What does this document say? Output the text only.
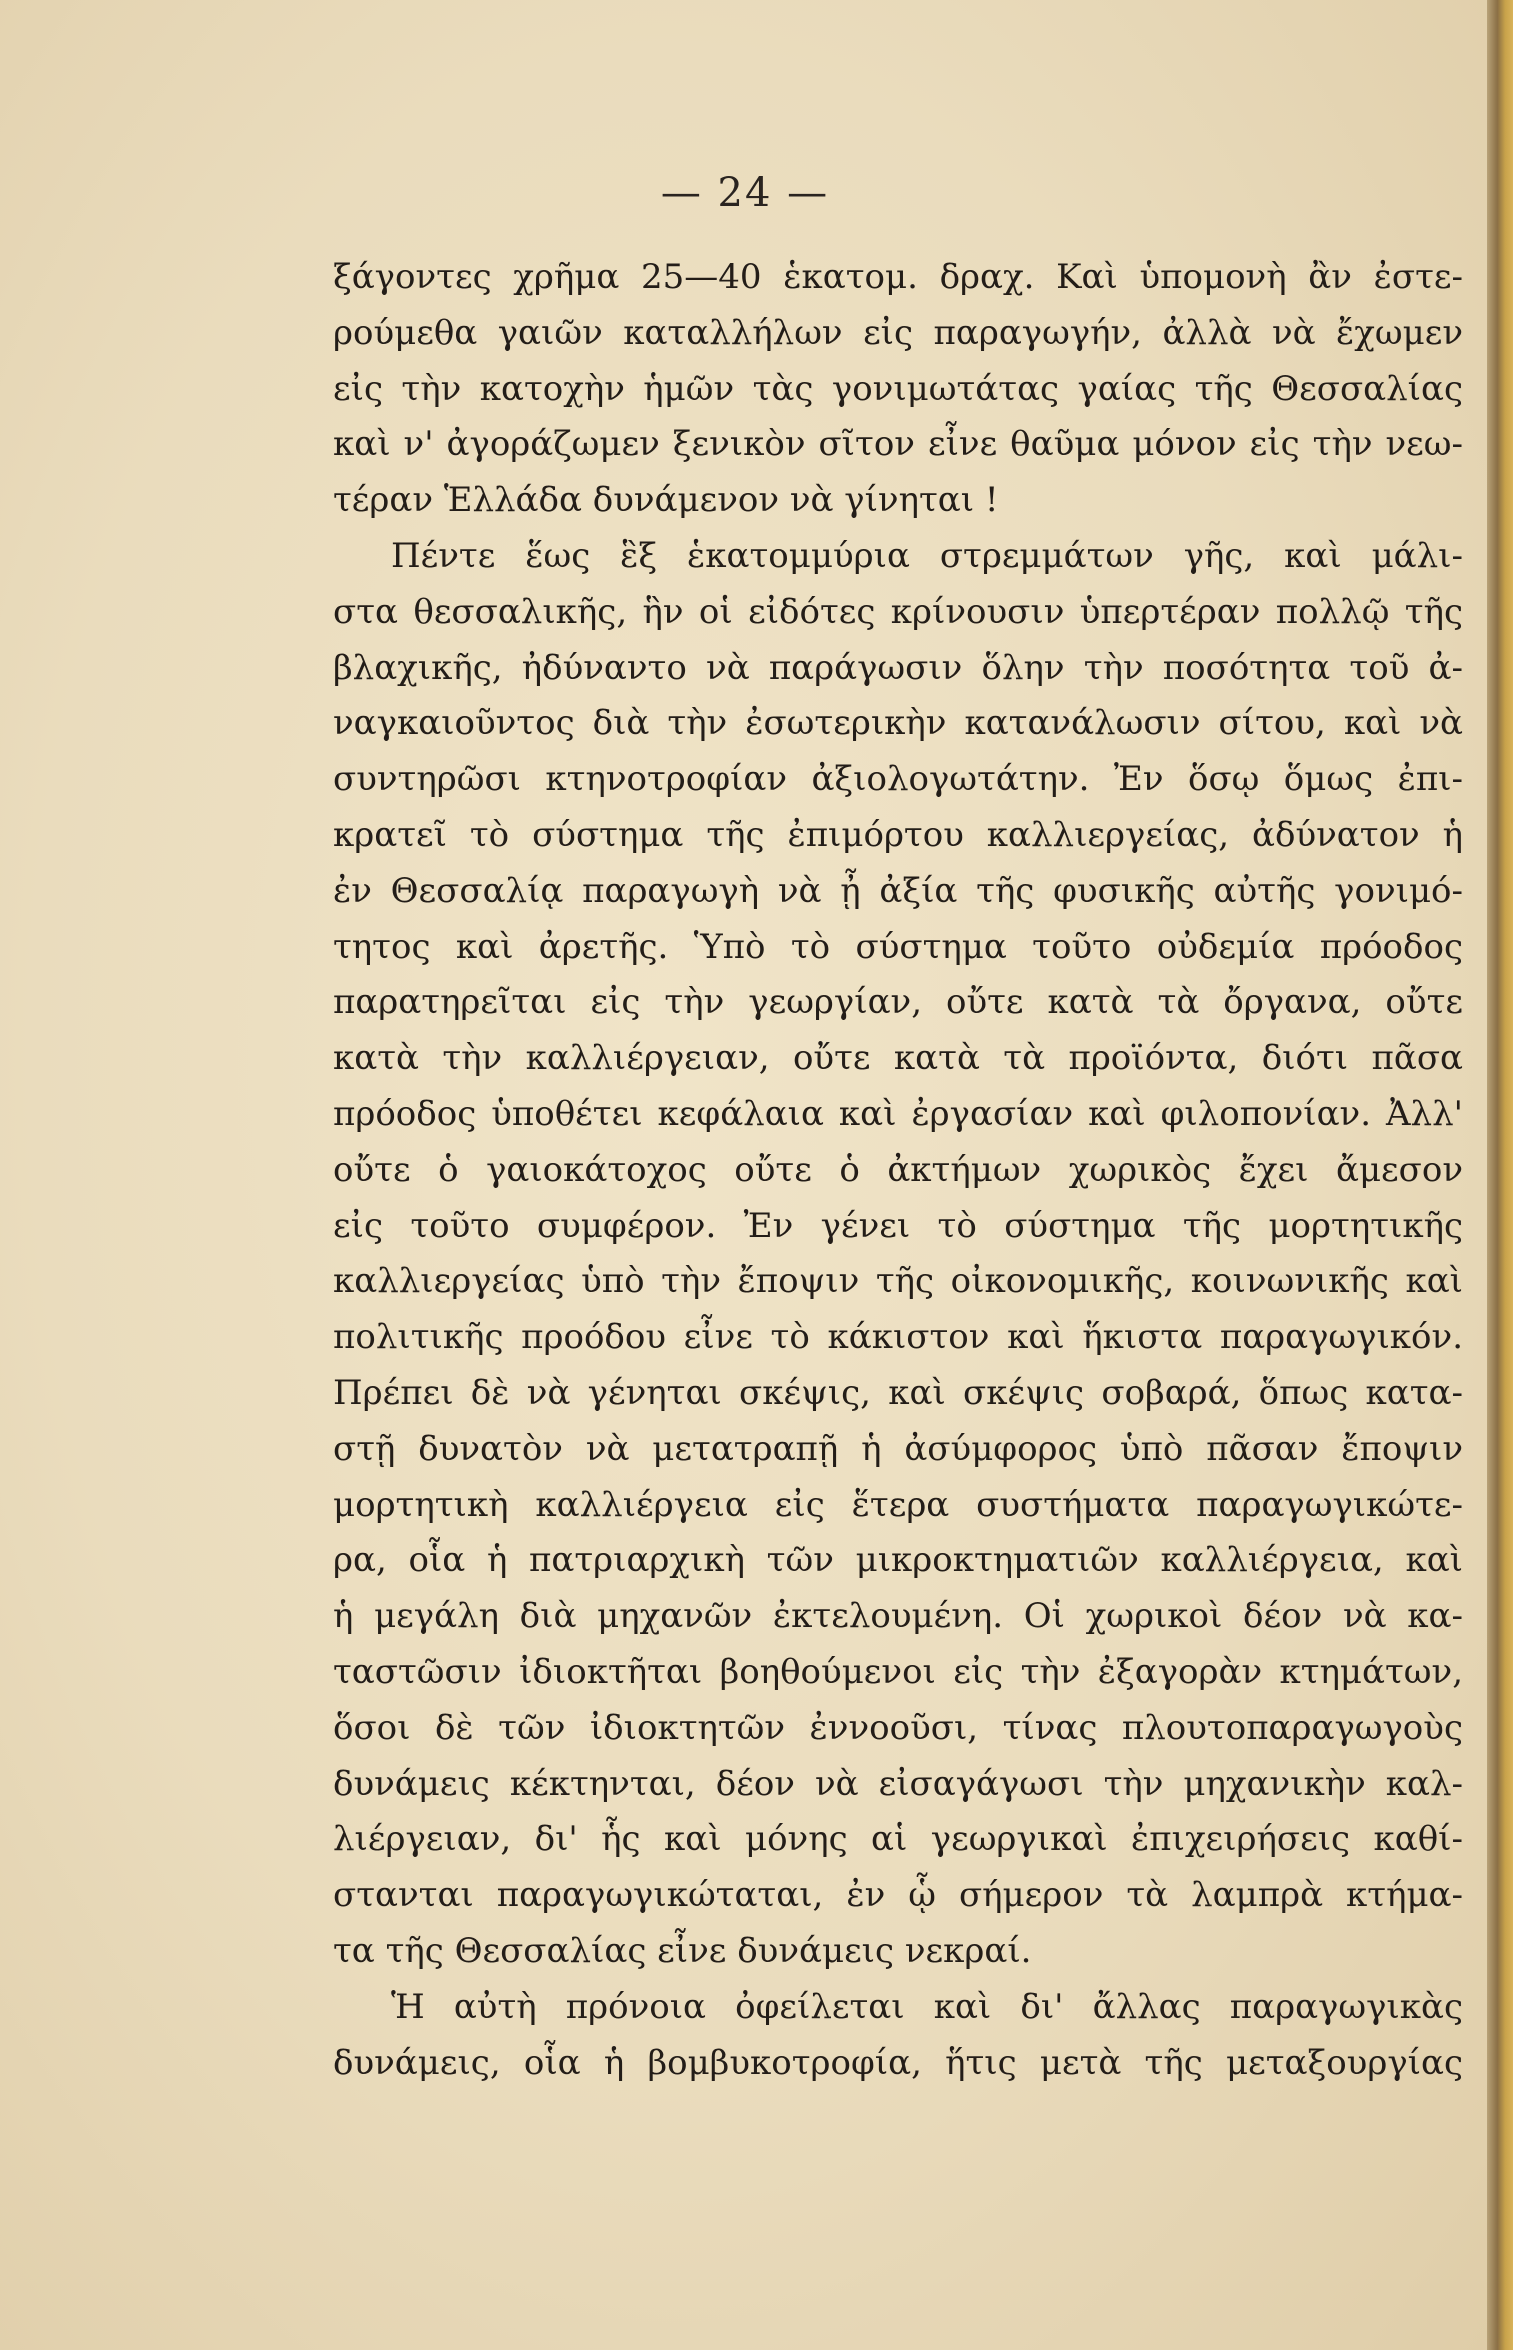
— 24 —
ξάγοντες χρῆμα 25—40 ἑκατομ. δραχ. Καὶ ὑπομονὴ ἂν ἐστε-
ρούμεθα γαιῶν καταλλήλων εἰς παραγωγήν, ἀλλὰ νὰ ἔχωμεν
εἰς τὴν κατοχὴν ἡμῶν τὰς γονιμωτάτας γαίας τῆς Θεσσαλίας
καὶ ν' ἀγοράζωμεν ξενικὸν σῖτον εἶνε θαῦμα μόνον εἰς τὴν νεω-
τέραν Ἑλλάδα δυνάμενον νὰ γίνηται !
Πέντε ἕως ἓξ ἑκατομμύρια στρεμμάτων γῆς, καὶ μάλι-
στα θεσσαλικῆς, ἣν οἱ εἰδότες κρίνουσιν ὑπερτέραν πολλῷ τῆς
βλαχικῆς, ἠδύναντο νὰ παράγωσιν ὅλην τὴν ποσότητα τοῦ ἀ-
ναγκαιοῦντος διὰ τὴν ἐσωτερικὴν κατανάλωσιν σίτου, καὶ νὰ
συντηρῶσι κτηνοτροφίαν ἀξιολογωτάτην. Ἐν ὅσῳ ὅμως ἐπι-
κρατεῖ τὸ σύστημα τῆς ἐπιμόρτου καλλιεργείας, ἀδύνατον ἡ
ἐν Θεσσαλίᾳ παραγωγὴ νὰ ᾖ ἀξία τῆς φυσικῆς αὐτῆς γονιμό-
τητος καὶ ἀρετῆς. Ὑπὸ τὸ σύστημα τοῦτο οὐδεμία πρόοδος
παρατηρεῖται εἰς τὴν γεωργίαν, οὔτε κατὰ τὰ ὄργανα, οὔτε
κατὰ τὴν καλλιέργειαν, οὔτε κατὰ τὰ προϊόντα, διότι πᾶσα
πρόοδος ὑποθέτει κεφάλαια καὶ ἐργασίαν καὶ φιλοπονίαν. Ἀλλ'
οὔτε ὁ γαιοκάτοχος οὔτε ὁ ἀκτήμων χωρικὸς ἔχει ἄμεσον
εἰς τοῦτο συμφέρον. Ἐν γένει τὸ σύστημα τῆς μορτητικῆς
καλλιεργείας ὑπὸ τὴν ἔποψιν τῆς οἰκονομικῆς, κοινωνικῆς καὶ
πολιτικῆς προόδου εἶνε τὸ κάκιστον καὶ ἥκιστα παραγωγικόν.
Πρέπει δὲ νὰ γένηται σκέψις, καὶ σκέψις σοβαρά, ὅπως κατα-
στῇ δυνατὸν νὰ μετατραπῇ ἡ ἀσύμφορος ὑπὸ πᾶσαν ἔποψιν
μορτητικὴ καλλιέργεια εἰς ἕτερα συστήματα παραγωγικώτε-
ρα, οἷα ἡ πατριαρχικὴ τῶν μικροκτηματιῶν καλλιέργεια, καὶ
ἡ μεγάλη διὰ μηχανῶν ἐκτελουμένη. Οἱ χωρικοὶ δέον νὰ κα-
ταστῶσιν ἰδιοκτῆται βοηθούμενοι εἰς τὴν ἐξαγορὰν κτημάτων,
ὅσοι δὲ τῶν ἰδιοκτητῶν ἐννοοῦσι, τίνας πλουτοπαραγωγοὺς
δυνάμεις κέκτηνται, δέον νὰ εἰσαγάγωσι τὴν μηχανικὴν καλ-
λιέργειαν, δι' ἧς καὶ μόνης αἱ γεωργικαὶ ἐπιχειρήσεις καθί-
στανται παραγωγικώταται, ἐν ᾧ σήμερον τὰ λαμπρὰ κτήμα-
τα τῆς Θεσσαλίας εἶνε δυνάμεις νεκραί.
Ἡ αὐτὴ πρόνοια ὀφείλεται καὶ δι' ἄλλας παραγωγικὰς
δυνάμεις, οἷα ἡ βομβυκοτροφία, ἥτις μετὰ τῆς μεταξουργίας
